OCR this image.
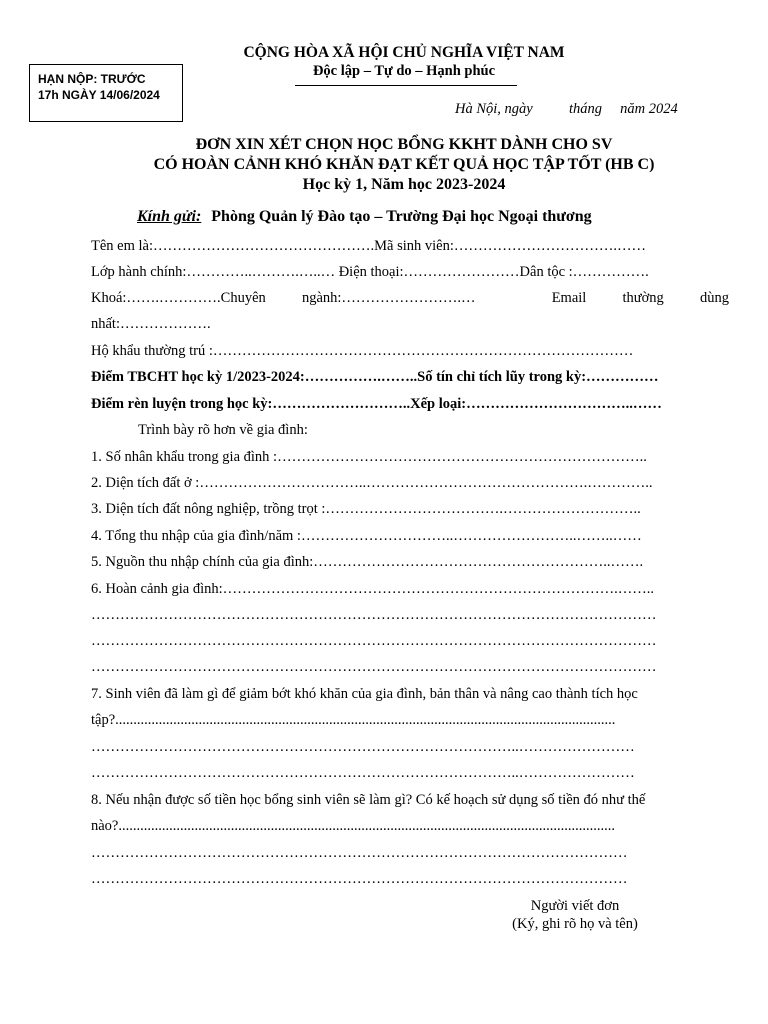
HẠN NỘP: TRƯỚC
17h NGÀY 14/06/2024
CỘNG HÒA XÃ HỘI CHỦ NGHĨA VIỆT NAM
Độc lập – Tự do – Hạnh phúc
Hà Nội, ngày          tháng     năm 2024
ĐƠN XIN XÉT CHỌN HỌC BỔNG KKHT DÀNH CHO SV
CÓ HOÀN CẢNH KHÓ KHĂN ĐẠT KẾT QUẢ HỌC TẬP TỐT (HB C)
Học kỳ 1, Năm học 2023-2024
Kính gửi: Phòng Quản lý Đào tạo – Trường Đại học Ngoại thương
Tên em là:……………………………………….Mã sinh viên:…………………………….……
Lớp hành chính:…………..……….…..… Điện thoại:……………………Dân tộc :…………….
Khoá:…….………….Chuyên ngành:…………………….…	Email thường dùng
nhất:……………….
Hộ khẩu thường trú :……………………………………………………………………………
Điểm TBCHT học kỳ 1/2023-2024:…………….……..Số tín chỉ tích lũy trong kỳ:……………
Điểm rèn luyện trong học kỳ:………………………..Xếp loại:……………………………..……
Trình bày rõ hơn về gia đình:
1. Số nhân khẩu trong gia đình :…………………………………………………………………..
2. Diện tích đất ở :……………………………..……………………………………….…………..
3. Diện tích đất nông nghiệp, trồng trọt :……………………………….………………………..
4. Tổng thu nhập của gia đình/năm :…………………………..……………………..……..……
5. Nguồn thu nhập chính của gia đình:……………………………………………………..…….
6. Hoàn cảnh gia đình:……………………………………………………………………….……..
………………………………………………………………………………………………………
………………………………………………………………………………………………………
………………………………………………………………………………………………………
7. Sinh viên đã làm gì để giảm bớt khó khăn của gia đình, bản thân và nâng cao thành tích học
tập?..........................................................................................................................................
……………………………………………………………………………..……………………
……………………………………………………………………………..……………………
8. Nếu nhận được số tiền học bổng sinh viên sẽ làm gì? Có kế hoạch sử dụng số tiền đó như thế
nào?.........................................................................................................................................
…………………………………………………………………………………………………
…………………………………………………………………………………………………
Người viết đơn
(Ký, ghi rõ họ và tên)
